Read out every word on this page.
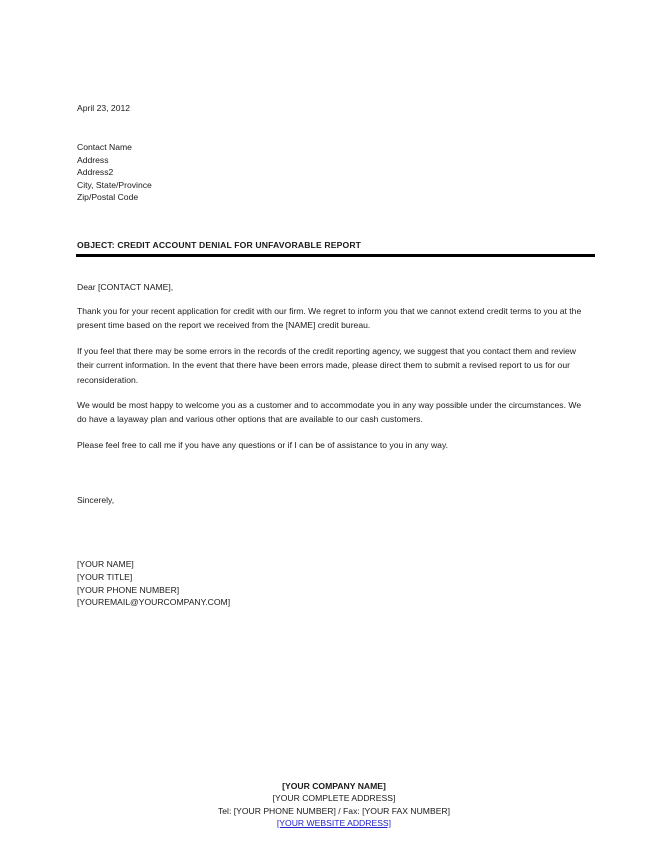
April 23, 2012
Contact Name
Address
Address2
City, State/Province
Zip/Postal Code
OBJECT: CREDIT ACCOUNT DENIAL FOR UNFAVORABLE REPORT
Dear [CONTACT NAME],

Thank you for your recent application for credit with our firm. We regret to inform you that we cannot extend credit terms to you at the present time based on the report we received from the [NAME] credit bureau.

If you feel that there may be some errors in the records of the credit reporting agency, we suggest that you contact them and review their current information. In the event that there have been errors made, please direct them to submit a revised report to us for our reconsideration.

We would be most happy to welcome you as a customer and to accommodate you in any way possible under the circumstances. We do have a layaway plan and various other options that are available to our cash customers.

Please feel free to call me if you have any questions or if I can be of assistance to you in any way.

Sincerely,
[YOUR NAME]
[YOUR TITLE]
[YOUR PHONE NUMBER]
[YOUREMAIL@YOURCOMPANY.COM]
[YOUR COMPANY NAME]
[YOUR COMPLETE ADDRESS]
Tel: [YOUR PHONE NUMBER] / Fax: [YOUR FAX NUMBER]
[YOUR WEBSITE ADDRESS]
